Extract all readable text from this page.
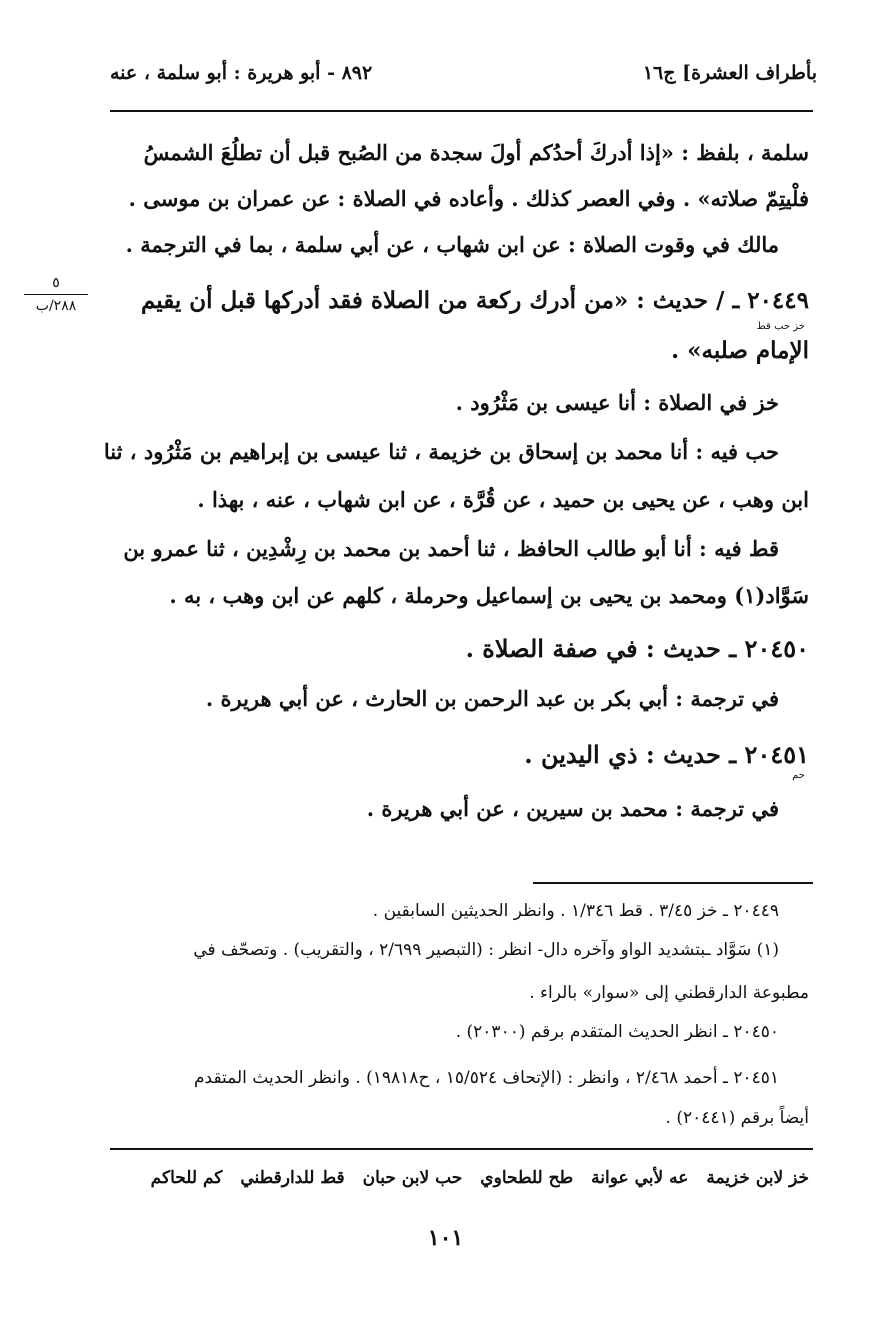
بأطراف العشرة] ج١٦
٨٩٢ - أبو هريرة : أبو سلمة ، عنه
سلمة ، بلفظ : «إذا أدركَ أحدُكم أولَ سجدة من الصُبح قبل أن تطلُعَ الشمسُ
فلْيتِمّ صلاته» . وفي العصر كذلك . وأعاده في الصلاة : عن عمران بن موسى .
مالك في وقوت الصلاة : عن ابن شهاب ، عن أبي سلمة ، بما في الترجمة .
٢٠٤٤٩ ـ / حديث : «من أدرك ركعة من الصلاة فقد أدركها قبل أن يقيم
خز حب قط
الإمام صلبه» .
٥
٢٨٨/ب
خز في الصلاة : أنا عيسى بن مَثْرُود .
حب فيه : أنا محمد بن إسحاق بن خزيمة ، ثنا عيسى بن إبراهيم بن مَثْرُود ، ثنا
ابن وهب ، عن يحيى بن حميد ، عن قُرَّة ، عن ابن شهاب ، عنه ، بهذا .
قط فيه : أنا أبو طالب الحافظ ، ثنا أحمد بن محمد بن رِشْدِين ، ثنا عمرو بن
سَوَّاد(١) ومحمد بن يحيى بن إسماعيل وحرملة ، كلهم عن ابن وهب ، به .
٢٠٤٥٠ ـ حديث : في صفة الصلاة .
في ترجمة : أبي بكر بن عبد الرحمن بن الحارث ، عن أبي هريرة .
٢٠٤٥١ ـ حديث : ذي اليدين .
حم
في ترجمة : محمد بن سيرين ، عن أبي هريرة .
٢٠٤٤٩ ـ خز ٣/٤٥ . قط ١/٣٤٦ . وانظر الحديثين السابقين .
(١) سَوَّاد ـبتشديد الواو وآخره دال- انظر : (التبصير ٢/٦٩٩ ، والتقريب) . وتصحّف في
مطبوعة الدارقطني إلى «سوار» بالراء .
٢٠٤٥٠ ـ انظر الحديث المتقدم برقم (٢٠٣٠٠) .
٢٠٤٥١ ـ أحمد ٢/٤٦٨ ، وانظر : (الإتحاف ١٥/٥٢٤ ، ح١٩٨١٨) . وانظر الحديث المتقدم
أيضاً برقم (٢٠٤٤١) .
خز لابن خزيمة
عه لأبي عوانة
طح للطحاوي
حب لابن حبان
قط للدارقطني
كم للحاكم
١٠١
